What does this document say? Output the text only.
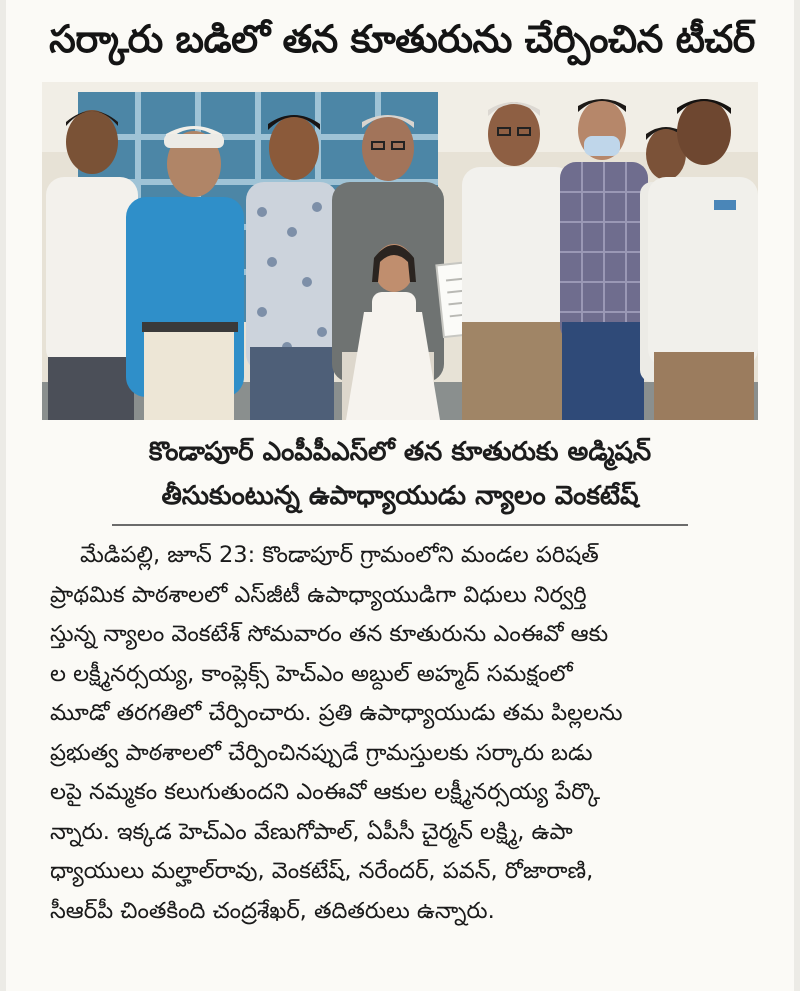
సర్కారు బడిలో తన కూతురును చేర్పించిన టీచర్
కొండాపూర్ ఎంపీపీఎస్‌లో తన కూతురుకు అడ్మిషన్
తీసుకుంటున్న ఉపాధ్యాయుడు న్యాలం వెంకటేష్
మేడిపల్లి, జూన్ 23: కొండాపూర్ గ్రామంలోని మండల పరిషత్
ప్రాథమిక పాఠశాలలో ఎస్‌జీటీ ఉపాధ్యాయుడిగా విధులు నిర్వర్తి
స్తున్న న్యాలం వెంకటేశ్ సోమవారం తన కూతురును ఎంఈవో ఆకు
ల లక్ష్మీనర్సయ్య, కాంప్లెక్స్ హెచ్‌ఎం అబ్దుల్ అహ్మద్ సమక్షంలో
మూడో తరగతిలో చేర్పించారు. ప్రతి ఉపాధ్యాయుడు తమ పిల్లలను
ప్రభుత్వ పాఠశాలలో చేర్పించినప్పుడే గ్రామస్తులకు సర్కారు బడు
లపై నమ్మకం కలుగుతుందని ఎంఈవో ఆకుల లక్ష్మీనర్సయ్య పేర్కొ
న్నారు. ఇక్కడ హెచ్‌ఎం వేణుగోపాల్, ఏపీసీ చైర్మన్ లక్ష్మి, ఉపా
ధ్యాయులు మల్హాల్‌రావు, వెంకటేష్, నరేందర్, పవన్, రోజారాణి,
సీఆర్‌పీ చింతకింది చంద్రశేఖర్, తదితరులు ఉన్నారు.
